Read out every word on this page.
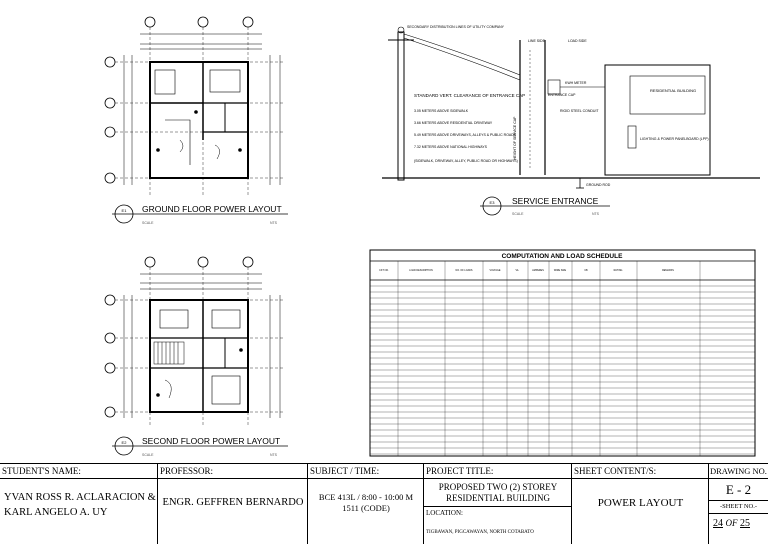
E1 GROUND FLOOR POWER LAYOUT
SCALE	NTS
E2 SECOND FLOOR POWER LAYOUT
SCALE	NTS
SECONDARY DISTRIBUTION LINES OF UTILITY COMPANY
LINE SIDE	LOAD SIDE
STANDARD VERT. CLEARANCE OF ENTRANCE CAP
3.05 METERS ABOVE SIDEWALK
3.66 METERS ABOVE RESIDENTIAL DRIVEWAY
5.49 METERS ABOVE DRIVEWAYS, ALLEYS & PUBLIC ROADS
7.32 METERS ABOVE NATIONAL HIGHWAYS
(SIDEWALK, DRIVEWAY, ALLEY, PUBLIC ROAD OR HIGHWAYS)
RESIDENTIAL BUILDING
ENTRANCE CAP
KWH METER
LIGHTING & POWER PANELBOARD (LPP)
GROUND ROD
RIGID STEEL CONDUIT
HEIGHT OF SERVICE CAP
E3 SERVICE ENTRANCE
SCALE	NTS
COMPUTATION AND LOAD SCHEDULE
CKT NO.	LOAD DESCRIPTION	NO. OF LOADS	VOLTAGE	VA	AMPERES	WIRE SIZE	CB	RATING	REMARKS
STUDENT'S NAME:
YVAN ROSS R. ACLARACION & KARL ANGELO A. UY
PROFESSOR:
ENGR. GEFFREN BERNARDO
SUBJECT / TIME:
BCE 413L / 8:00 - 10:00 M
1511 (CODE)
PROJECT TITLE:
PROPOSED TWO (2) STOREY
RESIDENTIAL BUILDING
LOCATION:
TIGBAWAN, PIGCAWAYAN, NORTH COTABATO
SHEET CONTENT/S:
POWER LAYOUT
DRAWING NO.
E - 2
-SHEET NO.-
24 OF 25
